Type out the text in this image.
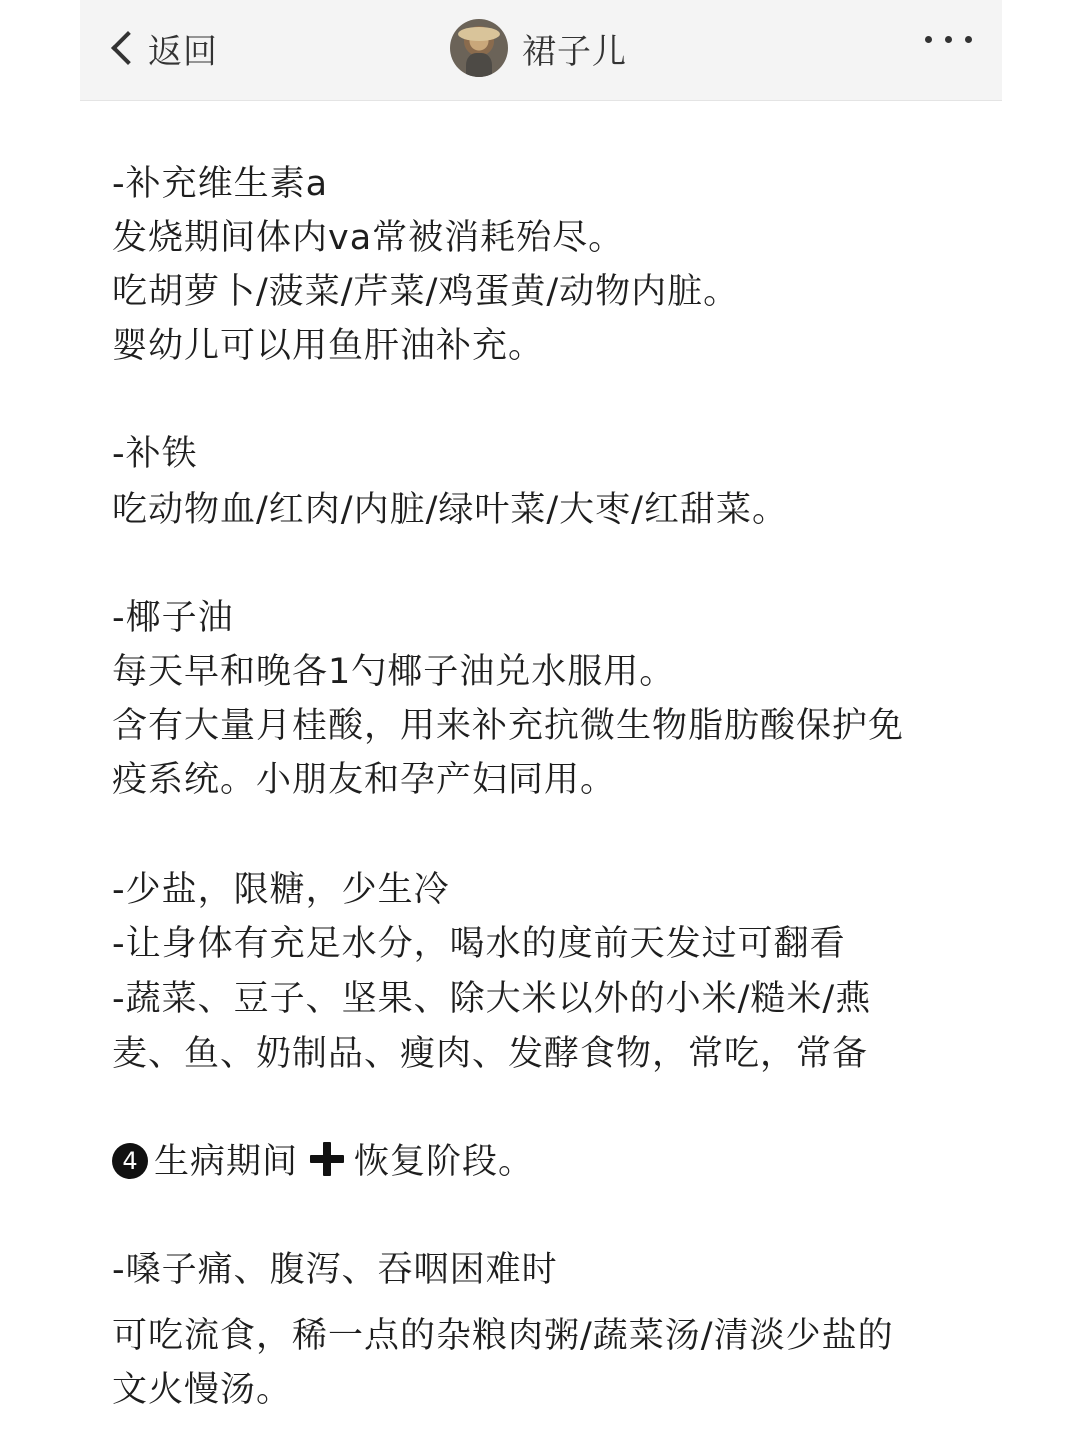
返回	裙子儿
-补充维生素a
发烧期间体内va常被消耗殆尽。
吃胡萝卜/菠菜/芹菜/鸡蛋黄/动物内脏。
婴幼儿可以用鱼肝油补充。
-补铁
吃动物血/红肉/内脏/绿叶菜/大枣/红甜菜。
-椰子油
每天早和晚各1勺椰子油兑水服用。
含有大量月桂酸，用来补充抗微生物脂肪酸保护免
疫系统。小朋友和孕产妇同用。
-少盐，限糖，少生冷
-让身体有充足水分，喝水的度前天发过可翻看
-蔬菜、豆子、坚果、除大米以外的小米/糙米/燕
麦、鱼、奶制品、瘦肉、发酵食物，常吃，常备
4 生病期间 恢复阶段。
-嗓子痛、腹泻、吞咽困难时
可吃流食，稀一点的杂粮肉粥/蔬菜汤/清淡少盐的
文火慢汤。
